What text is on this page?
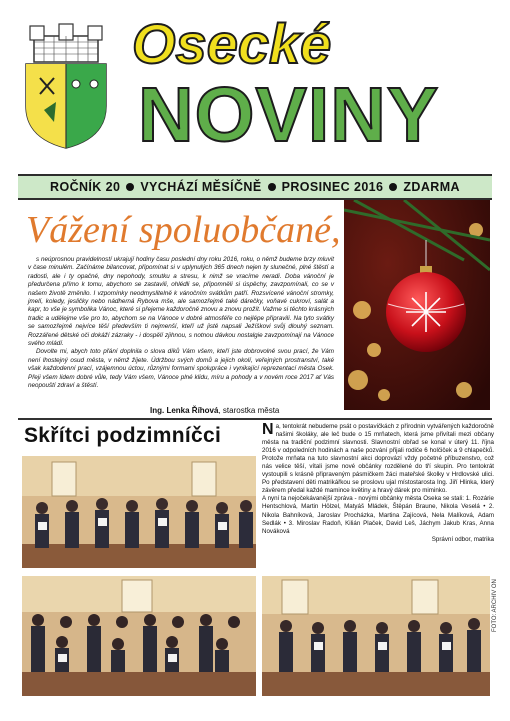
Osecké
NOVINY
ROČNÍK 20 VYCHÁZÍ MĚSÍČNĚ PROSINEC 2016 ZDARMA
Vážení spoluobčané,

s neúprosnou pravidelností ukrajují hodiny času poslední dny roku 2016, roku, o němž budeme brzy mluvit v čase minulém. Začínáme bilancovat, připomínat si v uplynulých 365 dnech nejen ty slunečné, plné štěstí a radosti, ale i ty opačné, dny nepohody, smutku a stresu, k nimž se vracíme neradi. Doba vánoční je předurčena přímo k tomu, abychom se zastavili, ohlédli se, připomněli si úspěchy, zavzpomínali, co se v našem životě změnilo. I vzpomínky neodmyslitelně k vánočním svátkům patří. Rozsvícené vánoční stromky, jmelí, koledy, jesličky nebo nádherná Rybova mše, ale samozřejmě také dárečky, voňavé cukroví, salát a kapr, to vše je symbolika Vánoc, které si přejeme každoročně znovu a znovu prožít. Važme si těchto krásných tradic a udělejme vše pro to, abychom se na Vánoce v dobré atmosféře co nejlépe připravili. Na tyto svátky se samozřejmě nejvíce těší především ti nejmenší, kteří už jistě napsali Ježíškovi svůj dlouhý seznam. Rozzářené dětské oči dokáží zázraky - i dospělí zjihnou, s notnou dávkou nostalgie zavzpomínají na Vánoce svého mládí.

Dovolte mi, abych toto přání doplnila o slova díků Vám všem, kteří jste dobrovolně svou prací, že Vám není lhostejný osud města, v němž žijete. Údržbou svých domů a jejich okolí, veřejných prostranství, také však každodenní prací, vzájemnou úctou, různými formami spolupráce i vynikající reprezentací města Osek. Přeji všem lidem dobré vůle, tedy Vám všem, Vánoce plné klidu, míru a pohody a v novém roce 2017 ať Vás neopouští zdraví a štěstí.

Ing. Lenka Říhová, starostka města
Skřítci podzimníčci	N a, tentokrát nebudeme psát o postavičkách z přírodnin vytvářených každoročně našimi školáky, ale leč bude o 15 mrňatech, která jsme přivítali mezi občany města na tradiční podzimní slavnosti. Slavnostní obřad se konal v úterý 11. října 2016 v odpoledních hodinách a naše pozvání přijali rodiče 6 holčiček a 9 chlapečků. Protože mrňata na tuto slavnostní akci doprovází vždy početné příbuzenstvo, což nás velice těší, vítali jsme nové občánky rozdělené do tří skupin. Pro tentokrát vystoupili s krásně připraveným pásmičkem žáci mateřské školky v Hrdlovské ulici. Po představení děti matrikářkou se proslovu ujal místostarosta Ing. Jiří Hlinka, který závěrem předal každé mamince květiny a hravý dárek pro miminko.

A nyní ta nejočekávanější zpráva - novými občánky města Oseka se stali: 1. Rozárie Hentschlová, Martin Hölzel, Matyáš Mládek, Štěpán Braune, Nikola Veselá • 2. Nikola Bahníková, Jaroslav Procházka, Martina Zajícová, Nela Malíková, Adam Sedlák • 3. Miroslav Radoň, Kilián Plaček, David Leš, Jáchym Jakub Kras, Anna Nováková

Správní odbor, matrika

FOTO: ARCHIV ON
